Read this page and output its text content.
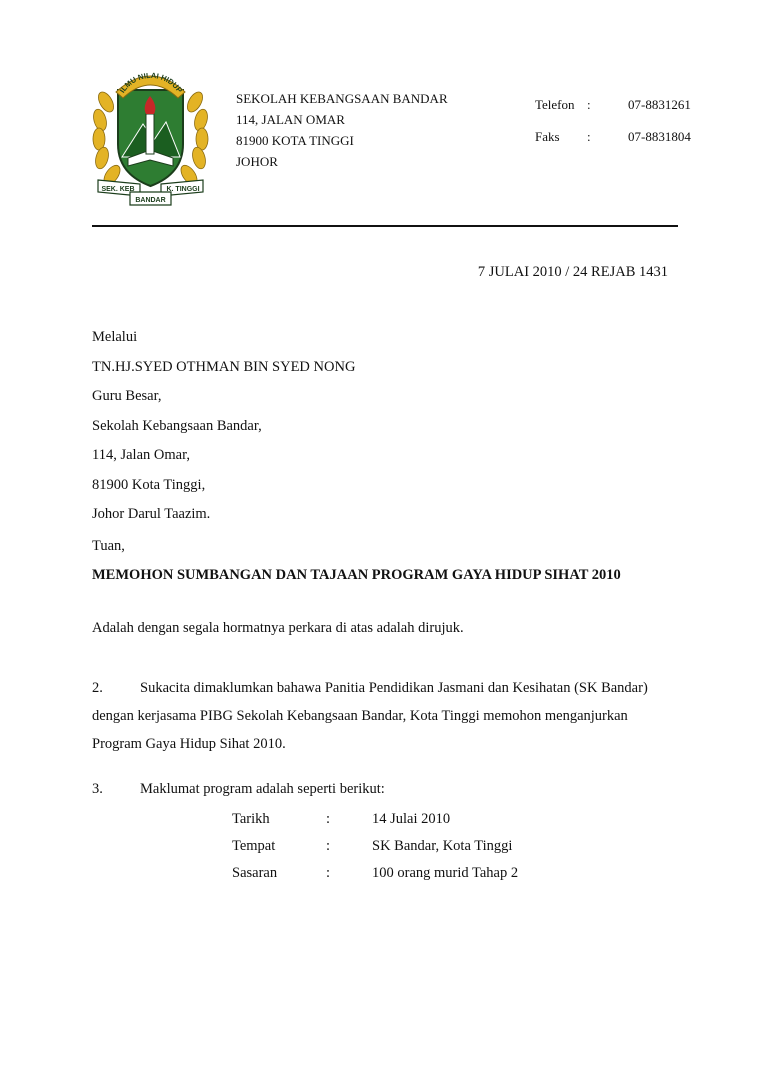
ILMU NILAI HIDUP
SEK. KEB	K. TINGGI
BANDAR
SEKOLAH KEBANGSAAN BANDAR
114, JALAN OMAR
81900 KOTA TINGGI
JOHOR
Telefon :	07-8831261
Faks :	07-8831804
7 JULAI 2010 / 24 REJAB 1431
Melalui
TN.HJ.SYED OTHMAN BIN SYED NONG
Guru Besar,
Sekolah Kebangsaan Bandar,
114, Jalan Omar,
81900 Kota Tinggi,
Johor Darul Taazim.
Tuan,
MEMOHON SUMBANGAN DAN TAJAAN PROGRAM GAYA HIDUP SIHAT 2010
Adalah dengan segala hormatnya perkara di atas adalah dirujuk.
2.	Sukacita dimaklumkan bahawa Panitia Pendidikan Jasmani dan Kesihatan (SK Bandar) dengan kerjasama PIBG Sekolah Kebangsaan Bandar, Kota Tinggi memohon menganjurkan Program Gaya Hidup Sihat 2010.
3.	Maklumat program adalah seperti berikut:
Tarikh	:	14 Julai 2010
Tempat	:	SK Bandar, Kota Tinggi
Sasaran	:	100 orang murid Tahap 2
